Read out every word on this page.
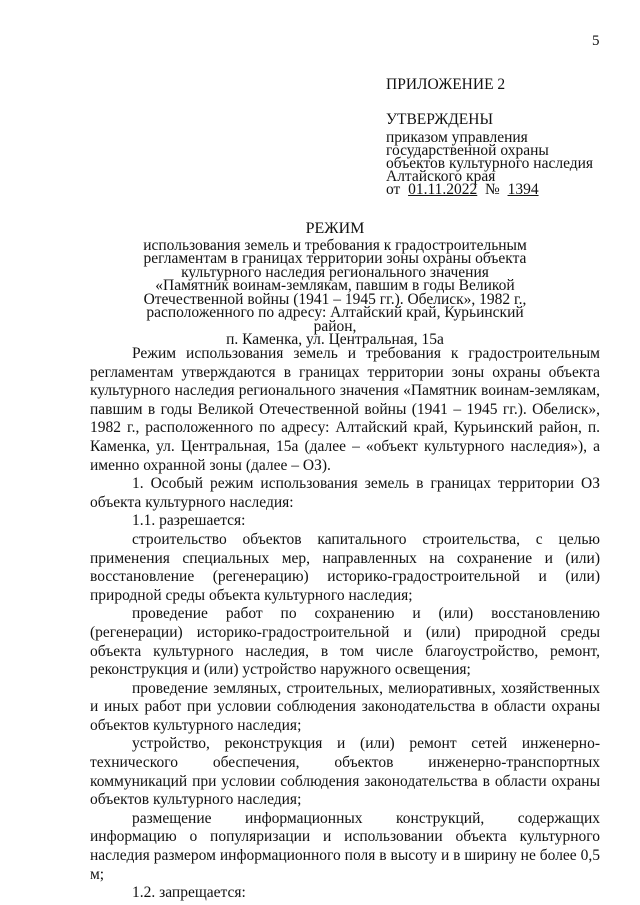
5
ПРИЛОЖЕНИЕ 2
УТВЕРЖДЕНЫ
приказом управления
государственной охраны
объектов культурного наследия
Алтайского края
от 01.11.2022 № 1394
РЕЖИМ
использования земель и требования к градостроительным
регламентам в границах территории зоны охраны объекта
культурного наследия регионального значения
«Памятник воинам-землякам, павшим в годы Великой
Отечественной войны (1941 – 1945 гг.). Обелиск», 1982 г.,
расположенного по адресу: Алтайский край, Курьинский район,
п. Каменка, ул. Центральная, 15а

Режим использования земель и требования к градостроительным регламентам утверждаются в границах территории зоны охраны объекта культурного наследия регионального значения «Памятник воинам-землякам, павшим в годы Великой Отечественной войны (1941 – 1945 гг.). Обелиск», 1982 г., расположенного по адресу: Алтайский край, Курьинский район, п. Каменка, ул. Центральная, 15а (далее – «объект культурного наследия»), а именно охранной зоны (далее – ОЗ).

1. Особый режим использования земель в границах территории ОЗ объекта культурного наследия:

1.1. разрешается:

строительство объектов капитального строительства, с целью применения специальных мер, направленных на сохранение и (или) восстановление (регенерацию) историко-градостроительной и (или) природной среды объекта культурного наследия;

проведение работ по сохранению и (или) восстановлению (регенерации) историко-градостроительной и (или) природной среды объекта культурного наследия, в том числе благоустройство, ремонт, реконструкция и (или) устройство наружного освещения;

проведение земляных, строительных, мелиоративных, хозяйственных и иных работ при условии соблюдения законодательства в области охраны объектов культурного наследия;

устройство, реконструкция и (или) ремонт сетей инженерно-технического обеспечения, объектов инженерно-транспортных коммуникаций при условии соблюдения законодательства в области охраны объектов культурного наследия;

размещение информационных конструкций, содержащих информацию о популяризации и использовании объекта культурного наследия размером информационного поля в высоту и в ширину не более 0,5 м;

1.2. запрещается:
